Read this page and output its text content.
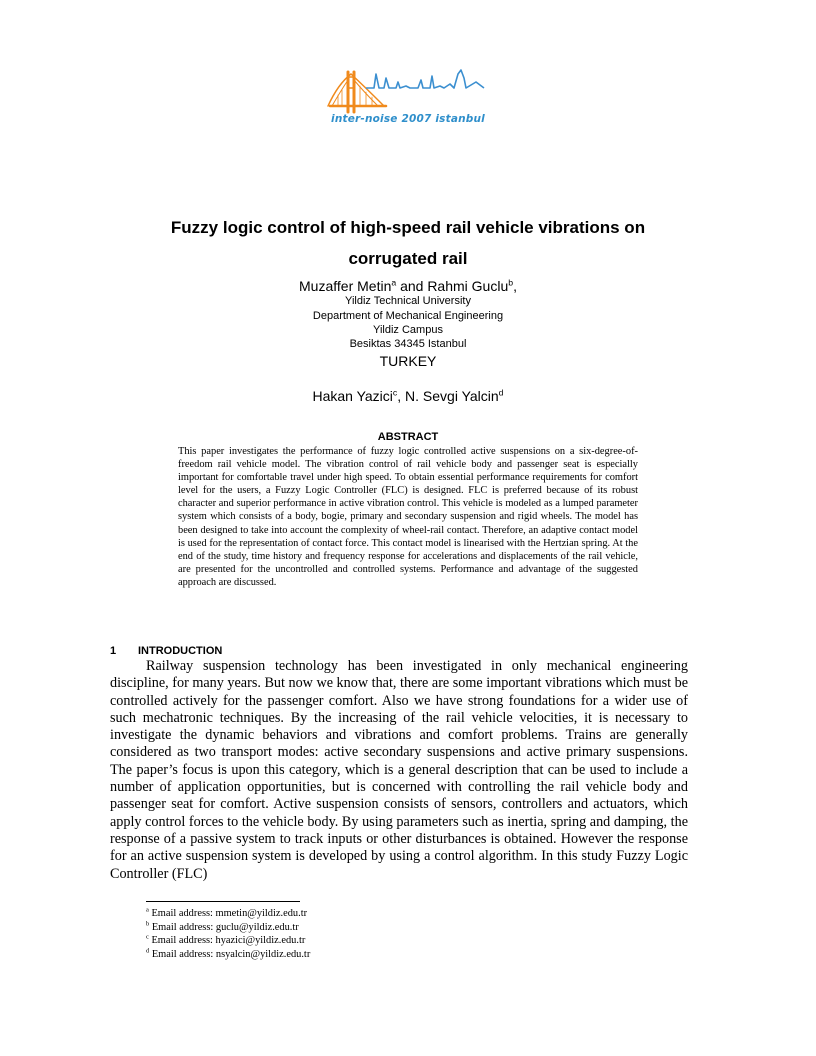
inter-noise 2007 istanbul
Fuzzy logic control of high-speed rail vehicle vibrations on
corrugated rail
Muzaffer Metin$^a$ and Rahmi Guclu$^b$,
Yildiz Technical University
Department of Mechanical Engineering
Yildiz Campus
Besiktas 34345 Istanbul
TURKEY
Hakan Yazici$^c$, N. Sevgi Yalcin$^d$
ABSTRACT

This paper investigates the performance of fuzzy logic controlled active suspensions on a six-degree-of-freedom rail vehicle model. The vibration control of rail vehicle body and passenger seat is especially important for comfortable travel under high speed. To obtain essential performance requirements for comfort level for the users, a Fuzzy Logic Controller (FLC) is designed. FLC is preferred because of its robust character and superior performance in active vibration control. This vehicle is modeled as a lumped parameter system which consists of a body, bogie, primary and secondary suspension and rigid wheels. The model has been designed to take into account the complexity of wheel-rail contact. Therefore, an adaptive contact model is used for the representation of contact force. This contact model is linearised with the Hertzian spring. At the end of the study, time history and frequency response for accelerations and displacements of the rail vehicle, are presented for the uncontrolled and controlled systems. Performance and advantage of the suggested approach are discussed.

1 INTRODUCTION

Railway suspension technology has been investigated in only mechanical engineering discipline, for many years. But now we know that, there are some important vibrations which must be controlled actively for the passenger comfort. Also we have strong foundations for a wider use of such mechatronic techniques. By the increasing of the rail vehicle velocities, it is necessary to investigate the dynamic behaviors and vibrations and comfort problems. Trains are generally considered as two transport modes: active secondary suspensions and active primary suspensions. The paper’s focus is upon this category, which is a general description that can be used to include a number of application opportunities, but is concerned with controlling the rail vehicle body and passenger seat for comfort. Active suspension consists of sensors, controllers and actuators, which apply control forces to the vehicle body. By using parameters such as inertia, spring and damping, the response of a passive system to track inputs or other disturbances is obtained. However the response for an active suspension system is developed by using a control algorithm. In this study Fuzzy Logic Controller (FLC)

$^a$ Email address: mmetin@yildiz.edu.tr
$^b$ Email address: guclu@yildiz.edu.tr
$^c$ Email address: hyazici@yildiz.edu.tr
$^d$ Email address: nsyalcin@yildiz.edu.tr
